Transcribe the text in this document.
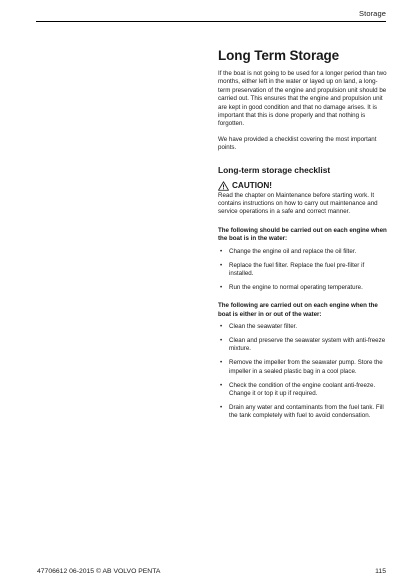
Storage
Long Term Storage

If the boat is not going to be used for a longer period than two months, either left in the water or layed up on land, a long-term preservation of the engine and propulsion unit should be carried out. This ensures that the engine and propulsion unit are kept in good condition and that no damage arises. It is important that this is done properly and that nothing is forgotten.

We have provided a checklist covering the most important points.

Long-term storage checklist
CAUTION!

Read the chapter on Maintenance before starting work. It contains instructions on how to carry out maintenance and service operations in a safe and correct manner.

The following should be carried out on each engine when the boat is in the water:
• Change the engine oil and replace the oil filter.
• Replace the fuel filter. Replace the fuel pre-filter if installed.
• Run the engine to normal operating temperature.
The following are carried out on each engine when the boat is either in or out of the water:
• Clean the seawater filter.
• Clean and preserve the seawater system with anti-freeze mixture.
• Remove the impeller from the seawater pump. Store the impeller in a sealed plastic bag in a cool place.
• Check the condition of the engine coolant anti-freeze. Change it or top it up if required.
• Drain any water and contaminants from the fuel tank. Fill the tank completely with fuel to avoid condensation.
47706612 06-2015 © AB VOLVO PENTA	115
